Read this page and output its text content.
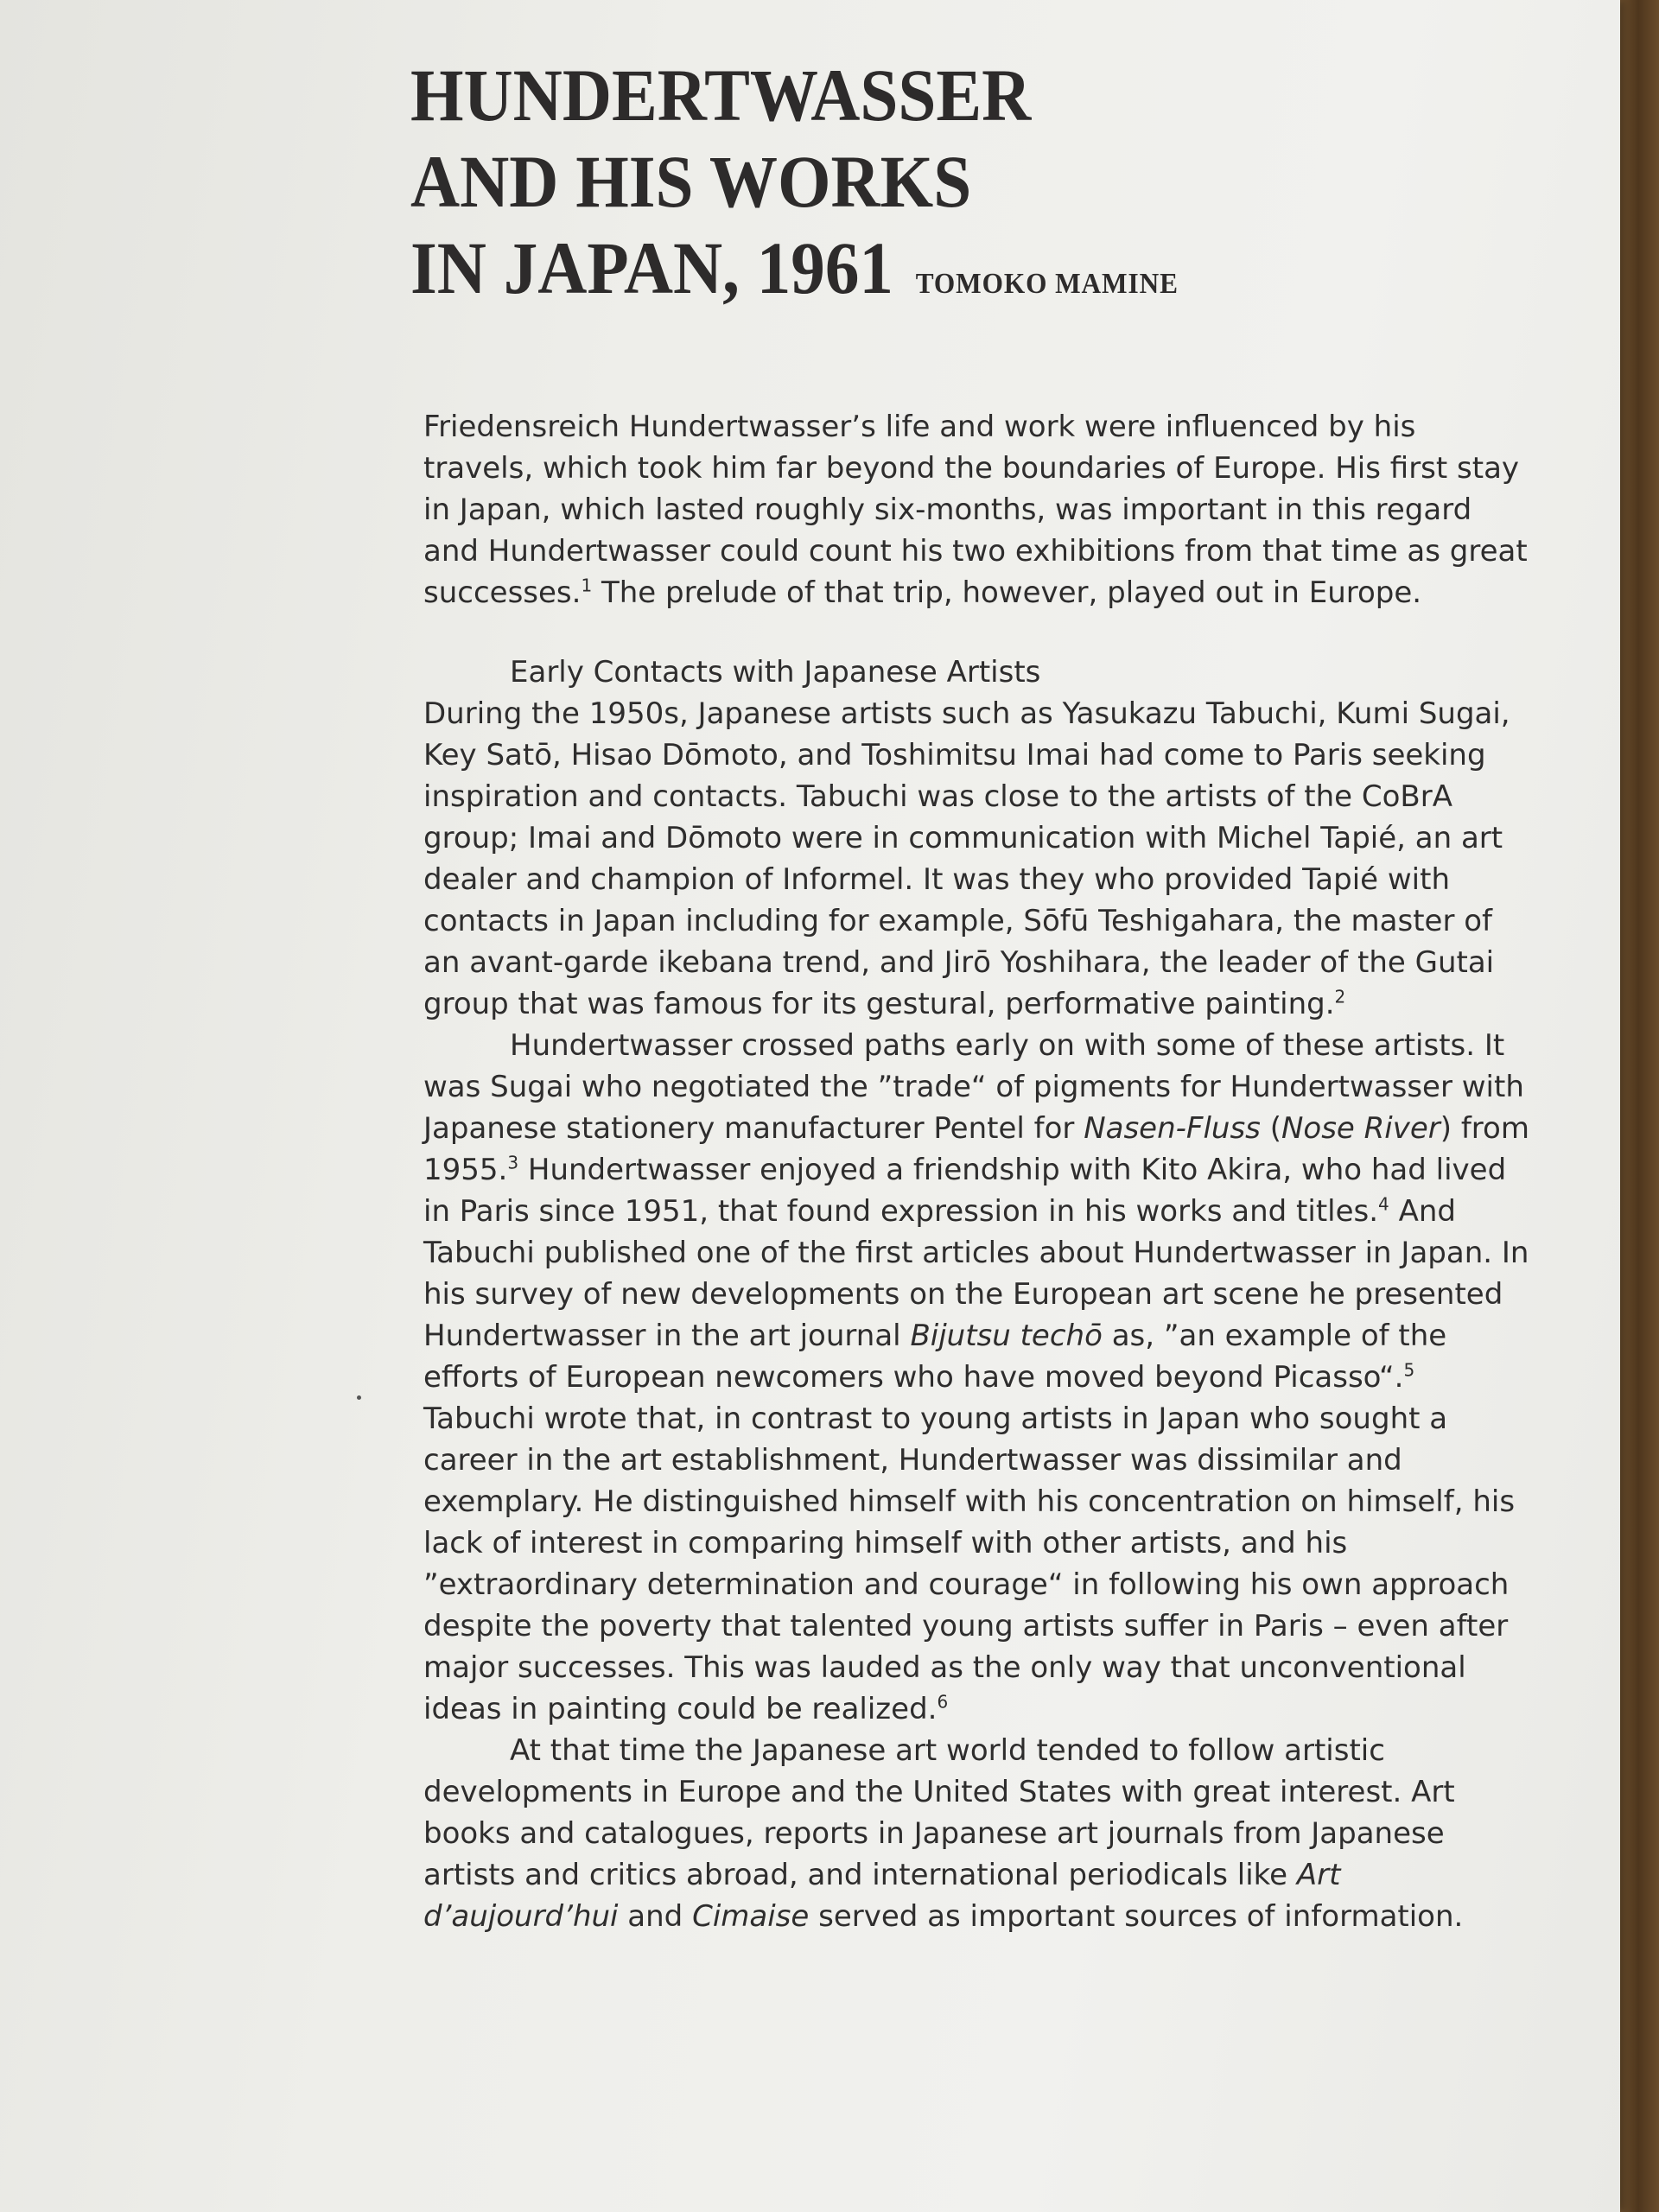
HUNDERTWASSER
AND HIS WORKS
IN JAPAN, 1961 TOMOKO MAMINE

Friedensreich Hundertwasser’s life and work were influenced by his travels, which took him far beyond the boundaries of Europe. His first stay in Japan, which lasted roughly six-months, was important in this regard and Hundertwasser could count his two exhibitions from that time as great successes.$^1$ The prelude of that trip, however, played out in Europe.

Early Contacts with Japanese Artists

During the 1950s, Japanese artists such as Yasukazu Tabuchi, Kumi Sugai, Key Satō, Hisao Dōmoto, and Toshimitsu Imai had come to Paris seeking inspiration and contacts. Tabuchi was close to the artists of the CoBrA group; Imai and Dōmoto were in communication with Michel Tapié, an art dealer and champion of Informel. It was they who provided Tapié with contacts in Japan including for example, Sōfū Teshigahara, the master of an avant-garde ikebana trend, and Jirō Yoshihara, the leader of the Gutai group that was famous for its gestural, performative painting.$^2$

Hundertwasser crossed paths early on with some of these artists. It was Sugai who negotiated the ”trade“ of pigments for Hundertwasser with Japanese stationery manufacturer Pentel for Nasen-Fluss (Nose River) from 1955.$^3$ Hundertwasser enjoyed a friendship with Kito Akira, who had lived in Paris since 1951, that found expression in his works and titles.$^4$ And Tabuchi published one of the first articles about Hundertwasser in Japan. In his survey of new developments on the European art scene he presented Hundertwasser in the art journal Bijutsu techō as, ”an example of the efforts of European newcomers who have moved beyond Picasso“.$^5$ Tabuchi wrote that, in contrast to young artists in Japan who sought a career in the art establishment, Hundertwasser was dissimilar and exemplary. He distinguished himself with his concentration on himself, his lack of interest in comparing himself with other artists, and his ”extraordinary determination and courage“ in following his own approach despite the poverty that talented young artists suffer in Paris – even after major successes. This was lauded as the only way that unconventional ideas in painting could be realized.$^6$

At that time the Japanese art world tended to follow artistic developments in Europe and the United States with great interest. Art books and catalogues, reports in Japanese art journals from Japanese artists and critics abroad, and international periodicals like Art d’aujourd’hui and Cimaise served as important sources of information.
